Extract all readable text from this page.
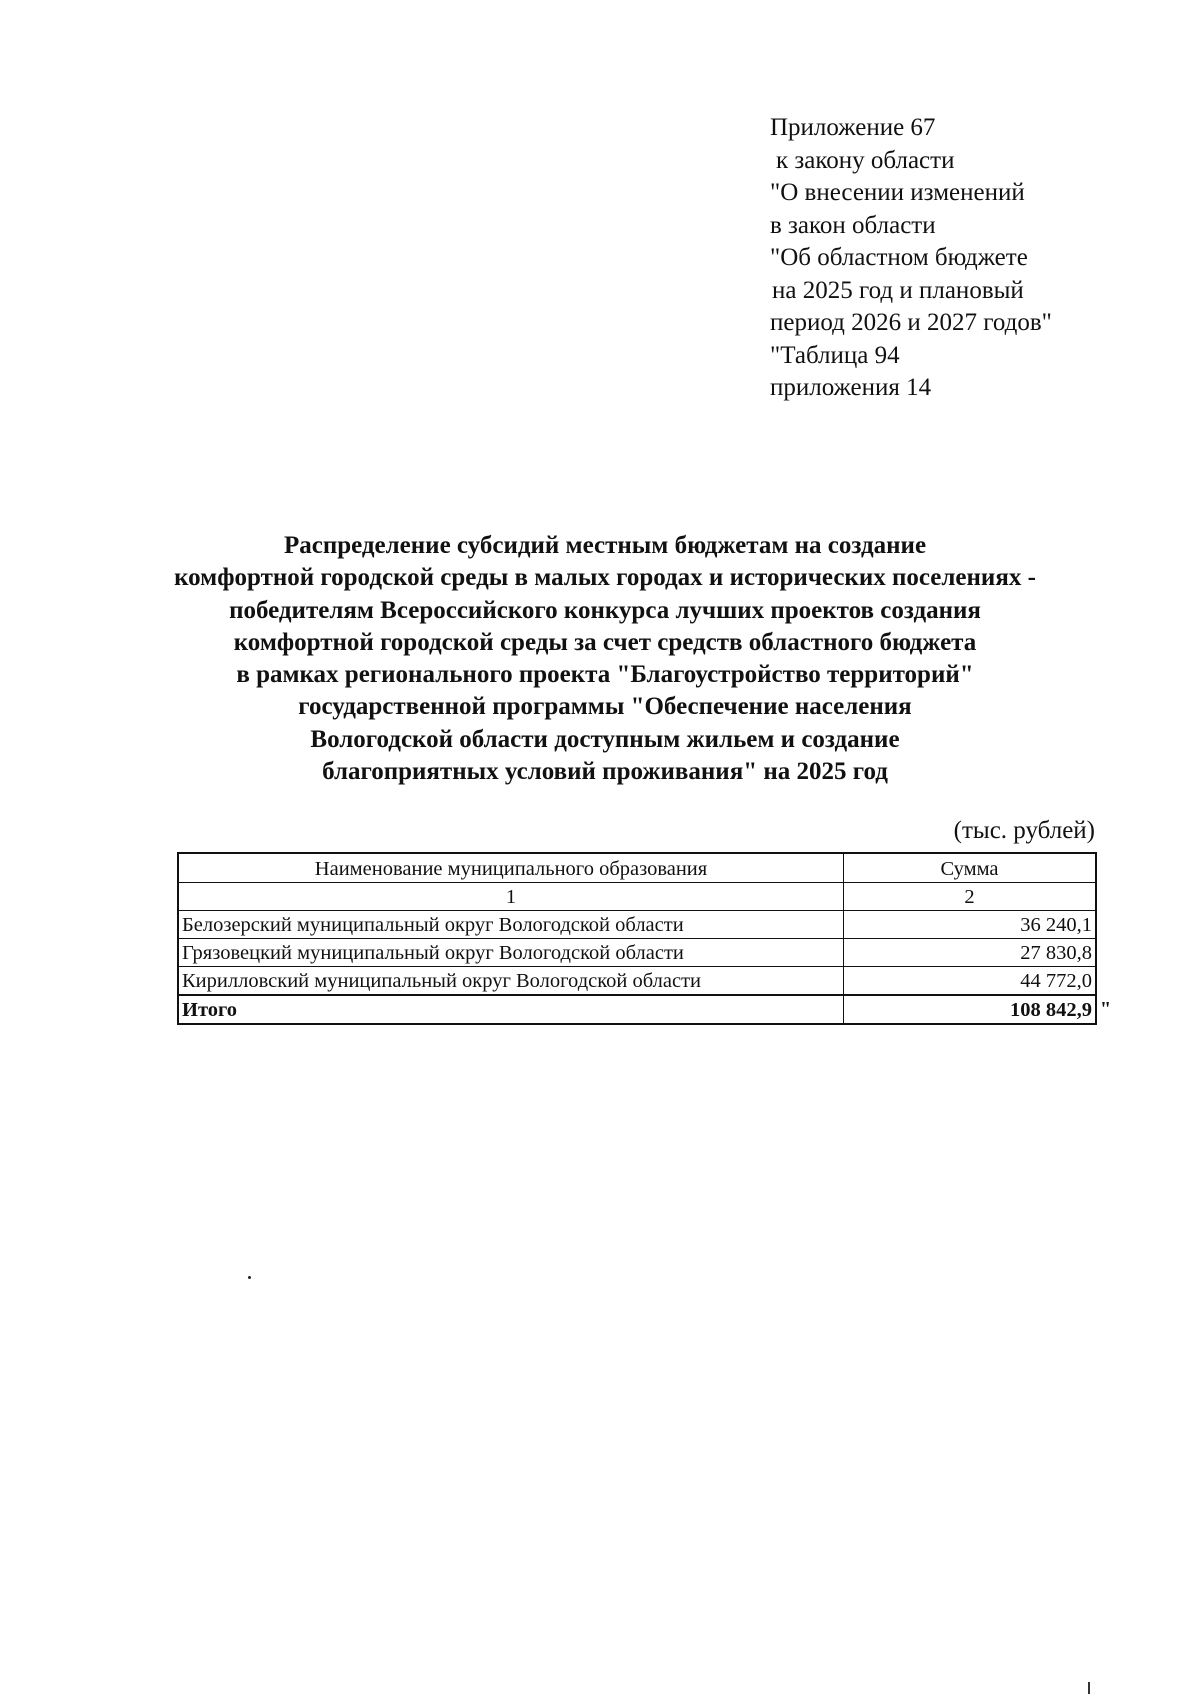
Приложение 67
к закону области
"О внесении изменений
в закон области
"Об областном бюджете
на 2025 год и плановый
период 2026 и 2027 годов"
"Таблица 94
приложения 14
Распределение субсидий местным бюджетам на создание
комфортной городской среды в малых городах и исторических поселениях -
победителям Всероссийского конкурса лучших проектов создания
комфортной городской среды за счет средств областного бюджета
в рамках регионального проекта "Благоустройство территорий"
государственной программы "Обеспечение населения
Вологодской области доступным жильем и создание
благоприятных условий проживания" на 2025 год
(тыс. рублей)
Наименование муниципального образования	Сумма
1	2
Белозерский муниципальный округ Вологодской области	36 240,1
Грязовецкий муниципальный округ Вологодской области	27 830,8
Кирилловский муниципальный округ Вологодской области	44 772,0
Итого	108 842,9 "
